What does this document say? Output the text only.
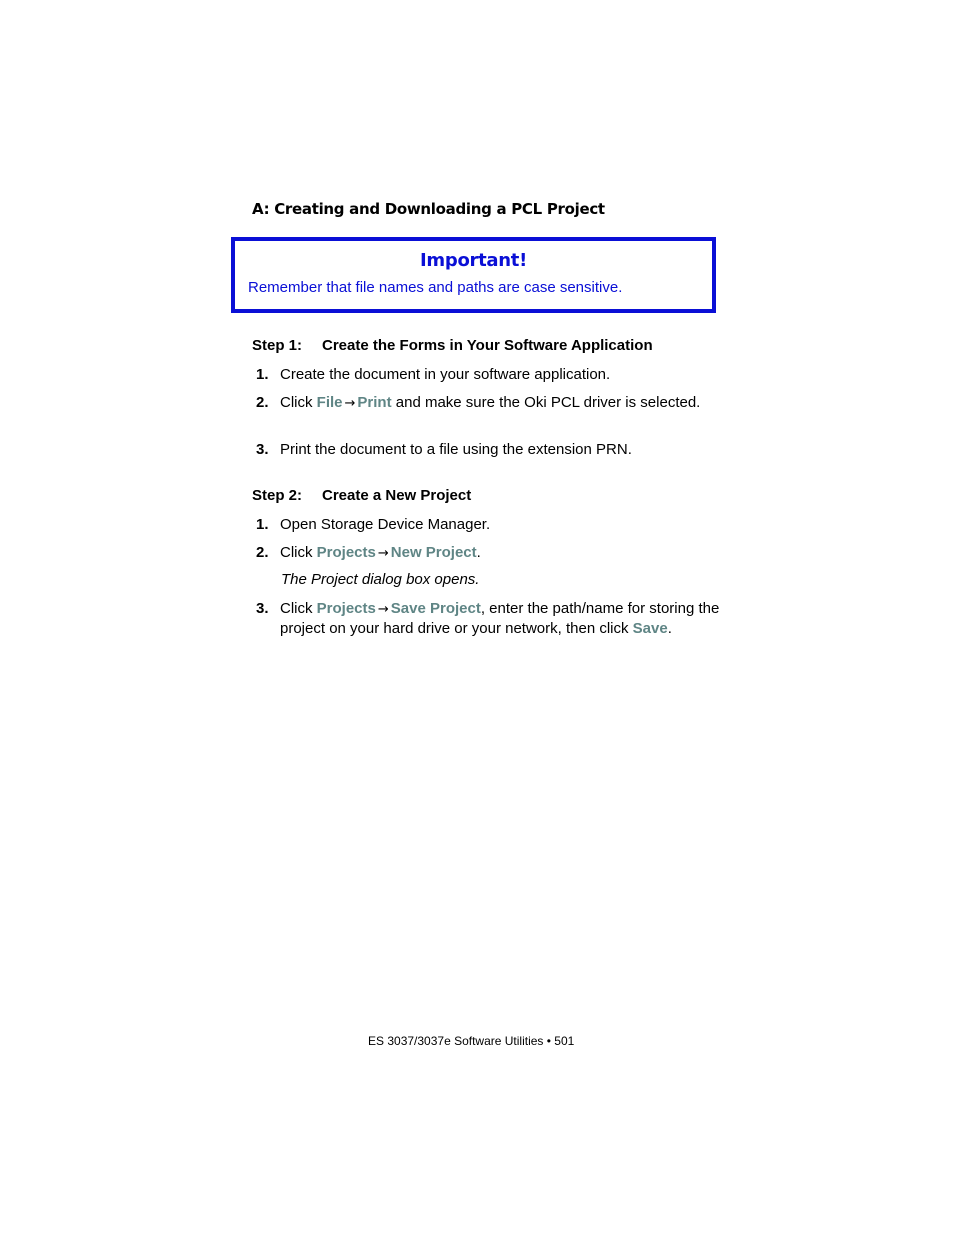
A: Creating and Downloading a PCL Project
Important!
Remember that file names and paths are case sensitive.
Step 1: Create the Forms in Your Software Application
1. Create the document in your software application.
2. Click File → Print and make sure the Oki PCL driver is selected.
3. Print the document to a file using the extension PRN.
Step 2: Create a New Project
1. Open Storage Device Manager.
2. Click Projects → New Project.
The Project dialog box opens.
3. Click Projects → Save Project, enter the path/name for storing the project on your hard drive or your network, then click Save.
ES 3037/3037e Software Utilities • 501
